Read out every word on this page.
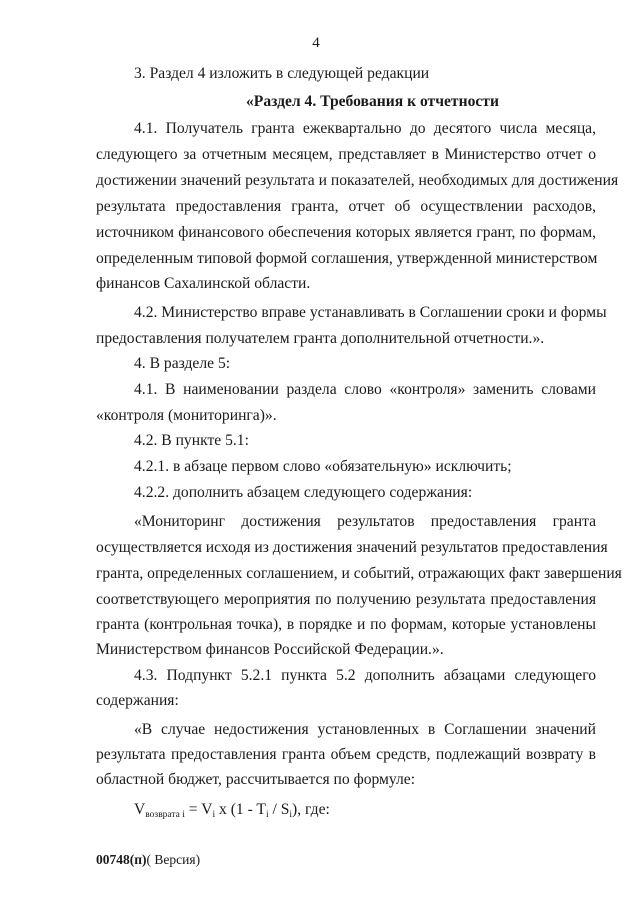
4
3. Раздел 4 изложить в следующей редакции
«Раздел 4. Требования к отчетности
4.1. Получатель гранта ежеквартально до десятого числа месяца,
следующего за отчетным месяцем, представляет в Министерство отчет о
достижении значений результата и показателей, необходимых для достижения
результата предоставления гранта, отчет об осуществлении расходов,
источником финансового обеспечения которых является грант, по формам,
определенным типовой формой соглашения, утвержденной министерством
финансов Сахалинской области.
4.2. Министерство вправе устанавливать в Соглашении сроки и формы
предоставления получателем гранта дополнительной отчетности.».
4. В разделе 5:
4.1. В наименовании раздела слово «контроля» заменить словами
«контроля (мониторинга)».
4.2. В пункте 5.1:
4.2.1. в абзаце первом слово «обязательную» исключить;
4.2.2. дополнить абзацем следующего содержания:
«Мониторинг достижения результатов предоставления гранта
осуществляется исходя из достижения значений результатов предоставления
гранта, определенных соглашением, и событий, отражающих факт завершения
соответствующего мероприятия по получению результата предоставления
гранта (контрольная точка), в порядке и по формам, которые установлены
Министерством финансов Российской Федерации.».
4.3. Подпункт 5.2.1 пункта 5.2 дополнить абзацами следующего
содержания:
«В случае недостижения установленных в Соглашении значений
результата предоставления гранта объем средств, подлежащий возврату в
областной бюджет, рассчитывается по формуле:
$V_{возврата i} = V_i$ x $(1 - T_i / S_i)$, где:
00748(п)( Версия)
